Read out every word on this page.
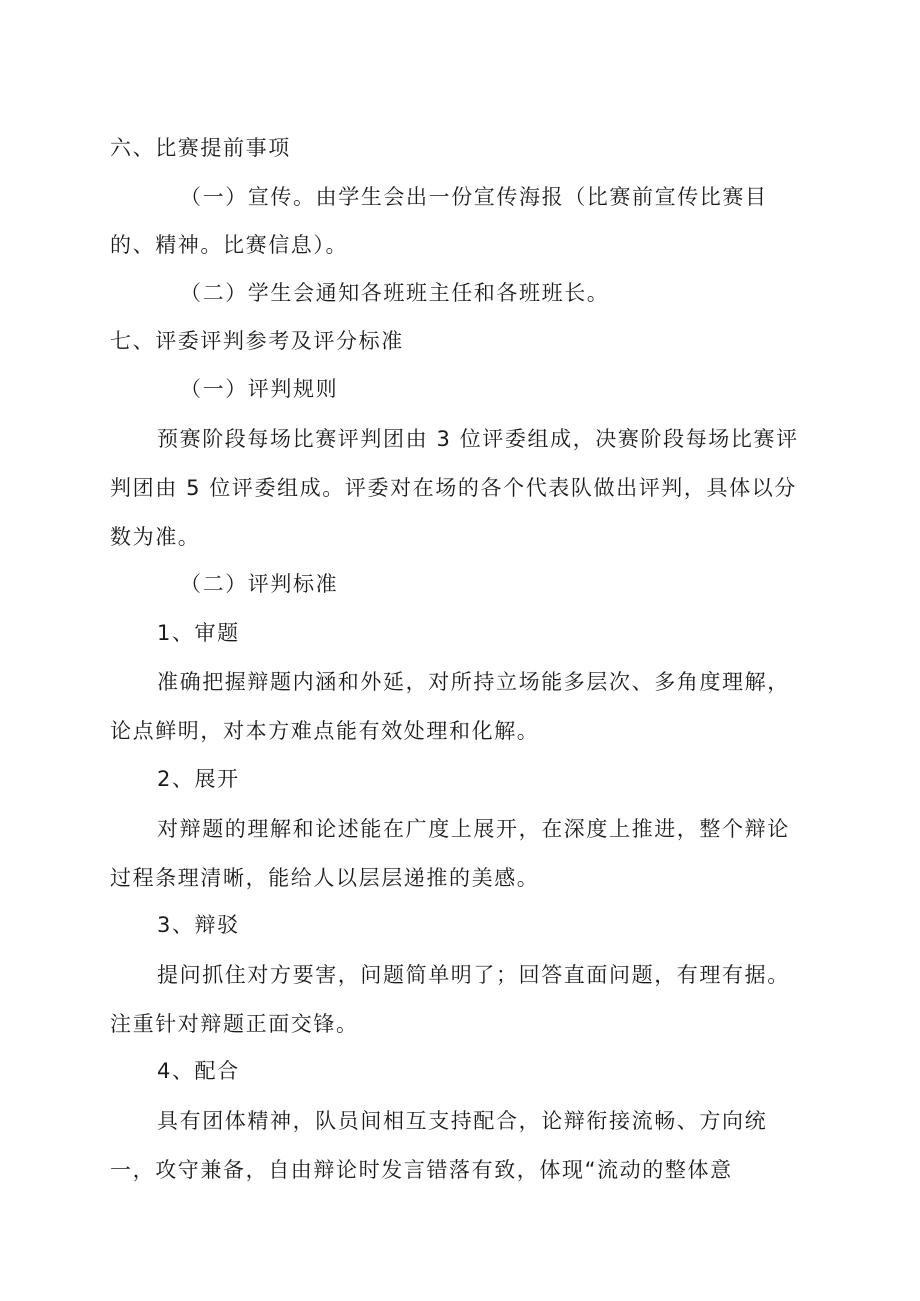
六、比赛提前事项
（一）宣传。由学生会出一份宣传海报（比赛前宣传比赛目
的、精神。比赛信息）。
（二）学生会通知各班班主任和各班班长。
七、评委评判参考及评分标准
（一）评判规则
预赛阶段每场比赛评判团由 3 位评委组成，决赛阶段每场比赛评
判团由 5 位评委组成。评委对在场的各个代表队做出评判，具体以分
数为准。
（二）评判标准
1、审题
准确把握辩题内涵和外延，对所持立场能多层次、多角度理解，
论点鲜明，对本方难点能有效处理和化解。
2、展开
对辩题的理解和论述能在广度上展开，在深度上推进，整个辩论
过程条理清晰，能给人以层层递推的美感。
3、辩驳
提问抓住对方要害，问题简单明了；回答直面问题，有理有据。
注重针对辩题正面交锋。
4、配合
具有团体精神，队员间相互支持配合，论辩衔接流畅、方向统
一，攻守兼备，自由辩论时发言错落有致，体现“流动的整体意
